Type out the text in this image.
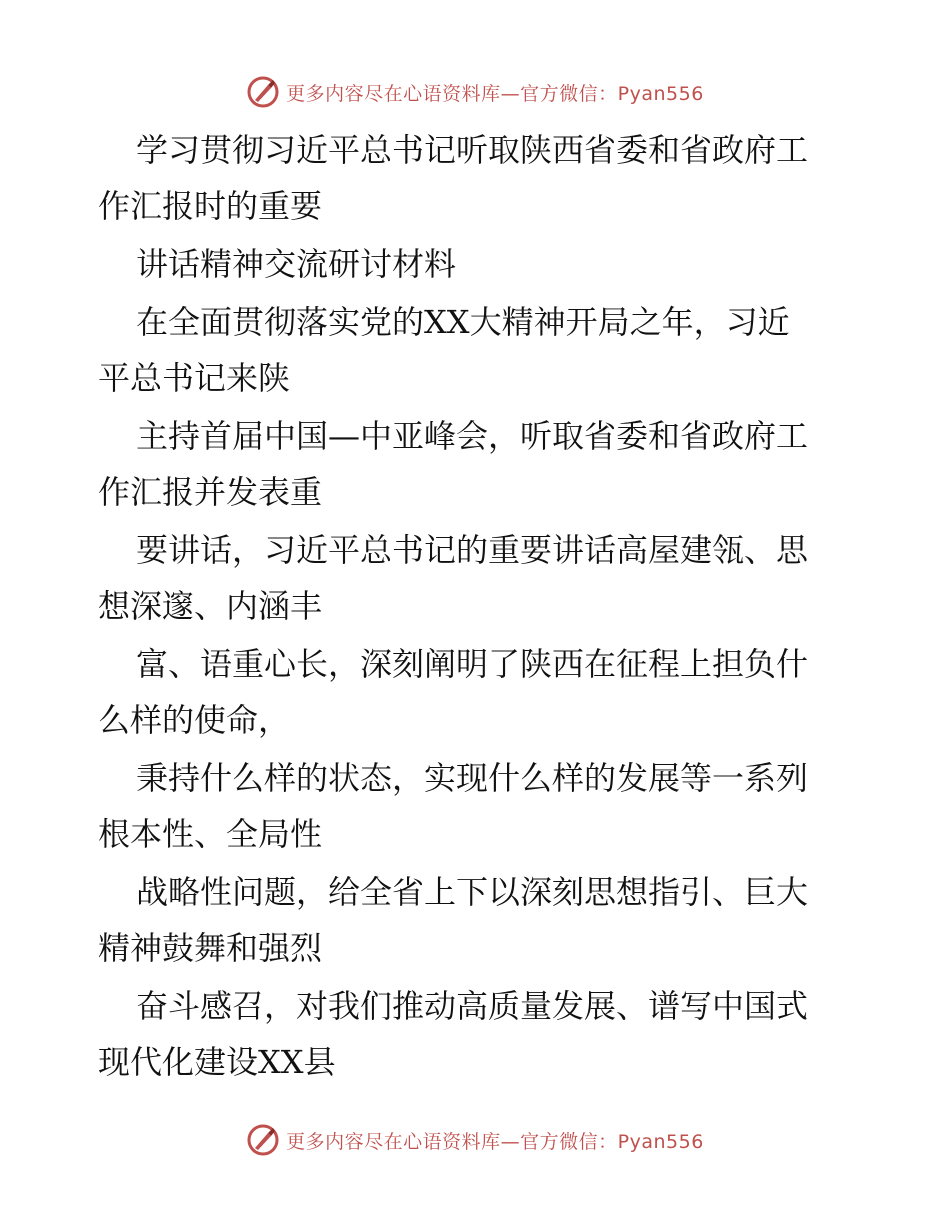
更多内容尽在心语资料库—官方微信：Pyan556

学习贯彻习近平总书记听取陕西省委和省政府工
作汇报时的重要

讲话精神交流研讨材料

在全面贯彻落实党的XX大精神开局之年，习近
平总书记来陕

主持首届中国—中亚峰会，听取省委和省政府工
作汇报并发表重

要讲话，习近平总书记的重要讲话高屋建瓴、思
想深邃、内涵丰

富、语重心长，深刻阐明了陕西在征程上担负什
么样的使命，

秉持什么样的状态，实现什么样的发展等一系列
根本性、全局性

战略性问题，给全省上下以深刻思想指引、巨大
精神鼓舞和强烈

奋斗感召，对我们推动高质量发展、谱写中国式
现代化建设XX县

更多内容尽在心语资料库—官方微信：Pyan556
